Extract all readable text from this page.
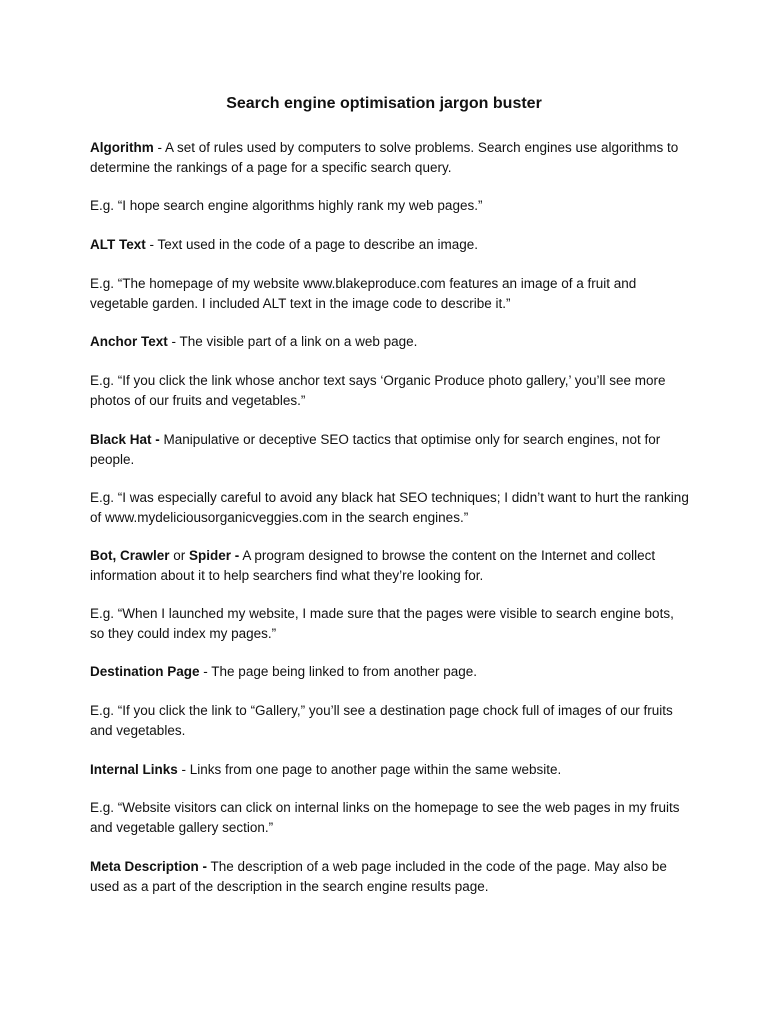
Search engine optimisation jargon buster

Algorithm - A set of rules used by computers to solve problems. Search engines use algorithms to determine the rankings of a page for a specific search query.

E.g. “I hope search engine algorithms highly rank my web pages.”

ALT Text - Text used in the code of a page to describe an image.

E.g. “The homepage of my website www.blakeproduce.com features an image of a fruit and vegetable garden. I included ALT text in the image code to describe it.”

Anchor Text - The visible part of a link on a web page.

E.g. “If you click the link whose anchor text says ‘Organic Produce photo gallery,’ you’ll see more photos of our fruits and vegetables.”

Black Hat - Manipulative or deceptive SEO tactics that optimise only for search engines, not for people.

E.g. “I was especially careful to avoid any black hat SEO techniques; I didn’t want to hurt the ranking of www.mydeliciousorganicveggies.com in the search engines.”

Bot, Crawler or Spider - A program designed to browse the content on the Internet and collect information about it to help searchers find what they’re looking for.

E.g. “When I launched my website, I made sure that the pages were visible to search engine bots, so they could index my pages.”

Destination Page - The page being linked to from another page.

E.g. “If you click the link to “Gallery,” you’ll see a destination page chock full of images of our fruits and vegetables.

Internal Links - Links from one page to another page within the same website.

E.g. “Website visitors can click on internal links on the homepage to see the web pages in my fruits and vegetable gallery section.”

Meta Description - The description of a web page included in the code of the page. May also be used as a part of the description in the search engine results page.
